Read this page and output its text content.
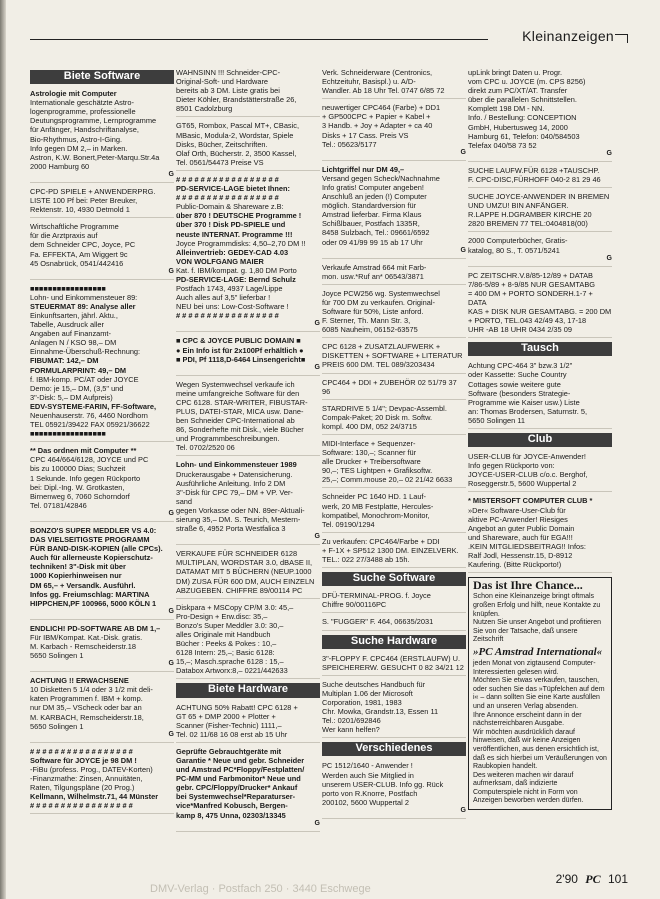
Kleinanzeigen
Biete Software

Astrologie mit Computer

Internationale geschätzte Astro-
logenprogramme, professionelle
Deutungsprogramme, Lernprogramme
für Anfänger, Handschriftanalyse,
Bio-Rhythmus, Astro-I-Ging.
Info gegen DM 2,– in Marken.
Astron, K.W. Bonert,Peter-Marqu.Str.4a
2000 Hamburg 60

G

CPC-PD SPIELE + ANWENDERPRG.
LISTE 100 Pf bei: Peter Breuker,
Rektenstr. 10, 4930 Detmold 1

Wirtschaftliche Programme
für die Arztpraxis auf
dem Schneider CPC, Joyce, PC
Fa. EFFEKTA, Am Wiggert 9c
45 Osnabrück, 0541/442416

G

■■■■■■■■■■■■■■■■■

Lohn- und Einkommensteuer 89:

STEUERMAT 89: Analyse aller

Einkunftsarten, jährl. Aktu.,
Tabelle, Ausdruck aller
Angaben auf Finanzamt-
Anlagen N / KSO 98,– DM
Einnahme-Überschuß-Rechnung:

FIBUMAT: 142,– DM
FORMULARPRINT: 49,– DM

f. IBM-komp. PC/AT oder JOYCE
Demo: je 15,– DM, (3,5" und
3"-Disk: 5,– DM Aufpreis)

EDV-SYSTEME-FARIN, FF-Software,

Neuenhauserstr. 76, 4460 Nordhorn
TEL 05921/39422 FAX 05921/36622

■■■■■■■■■■■■■■■■■

** Das ordnen mit Computer **

CPC 464/664/6128, JOYCE und PC
bis zu 100000 Dias; Suchzeit
1 Sekunde. Info gegen Rückporto
bei: Dipl.-Ing. W. Grotkasten,
Birnenweg 6, 7060 Schorndorf
Tel. 07181/42846

G

BONZO'S SUPER MEDDLER VS 4.0:
DAS VIELSEITIGSTE PROGRAMM
FÜR BAND-DISK-KOPIEN (alle CPCs).
Auch für allerneuste Kopierschutz-
techniken! 3"-Disk mit über
1000 Kopierhinweisen nur
DM 65,– + Versandk. Ausführl.
Infos gg. Freiumschlag: MARTINA
HIPPCHEN,PF 100966, 5000 KÖLN 1

G

ENDLICH! PD-SOFTWARE AB DM 1,–

Für IBM/Kompat. Kat.-Disk. gratis.
M. Karbach - Remscheiderstr.18
5650 Solingen 1

G

ACHTUNG !! ERWACHSENE

10 Disketten 5 1/4 oder 3 1/2 mit deli-
katen Programmen f. IBM + komp.
nur DM 35,– VScheck oder bar an
M. KARBACH, Remscheiderstr.18,
5650 Solingen 1

G

# # # # # # # # # # # # # # # # #

Software für JOYCE je 98 DM !

-FiBu (profess. Prog., DATEV-Korten)
-Finanzmathe: Zinsen, Annuitäten,
Raten, Tilgungspläne (20 Prog.)

Kellmann, Wilhelmstr.71, 44 Münster

# # # # # # # # # # # # # # # # #

WAHNSINN !!! Schneider-CPC-
Original-Soft- und Hardware
bereits ab 3 DM. Liste gratis bei
Dieter Köhler, Brandstätterstraße 26,
8501 Cadolzburg

GT65, Rombox, Pascal MT+, CBasic,
MBasic, Modula-2, Wordstar, Spiele
Disks, Bücher, Zeitschriften.
Olaf Orth, Bücherstr. 2, 3500 Kassel,
Tel. 0561/54473 Preise VS

# # # # # # # # # # # # # # # # #

PD-SERVICE-LAGE bietet Ihnen:

# # # # # # # # # # # # # # # # #

Public-Domain & Shareware z.B:

über 870 ! DEUTSCHE Programme !
über 370 ! Disk PD-SPIELE und
neuste INTERNAT. Programme !!!

Joyce Programmdisks: 4,50–2,70 DM !!

Alleinvertrieb: GEDEY-CAD 4.03
VON WOLFGANG MAIER

Kat. f. IBM/kompat. g. 1,80 DM Porto

PD-SERVICE-LAGE: Bernd Schulz

Postfach 1743, 4937 Lage/Lippe
Auch alles auf 3,5" lieferbar !
NEU bei uns: Low-Cost-Software !

# # # # # # # # # # # # # # # # #

G

■ CPC & JOYCE PUBLIC DOMAIN ■
● Ein Info ist für 2x100Pf erhältlich ●
■ PDI, Pf 1118,D-6464 Linsengericht■

G

Wegen Systemwechsel verkaufe ich
meine umfangreiche Software für den
CPC 6128. STAR-WRITER, FIBUSTAR-
PLUS, DATEI-STAR, MICA usw. Dane-
ben Schneider CPC-International ab
86, Sonderhefte mit Disk., viele Bücher
und Programmbeschreibungen.
Tel. 0702/2520 06

Lohn- und Einkommensteuer 1989

Druckerausgabe + Datensicherung.
Ausführliche Anleitung. Info 2 DM
3"-Disk für CPC 79,– DM + VP. Ver-
sand
gegen Vorkasse oder NN. 89er-Aktuali-
sierung 35,– DM. S. Teurich, Mestern-
straße 6, 4952 Porta Westfalica 3

G

VERKAUFE FÜR SCHNEIDER 6128
MULTIPLAN, WORDSTAR 3.0, dBASE II,
DATAMAT MIT 5 BÜCHERN (NEUP.1000
DM) ZUSA FÜR 600 DM, AUCH EINZELN
ABZUGEBEN. CHIFFRE 89/00114 PC

Diskpara + MSCopy CP/M 3.0: 45,–
Pro-Design + Erw.disc: 35,–
Bonzo's Super Meddler 3.0: 30,–
alles Originale mit Handbuch
Bücher : Peeks & Pokes : 10,–
6128 Intern: 25,–; Basic 6128:
15,–; Masch.sprache 6128 : 15,–
Databox Artworx:8,– 0221/442633

Biete Hardware

ACHTUNG 50% Rabatt! CPC 6128 +
GT 65 + DMP 2000 + Plotter +
Scanner (Fisher-Technic) 1111,–
Tel. 02 11/68 16 08 erst ab 15 Uhr

Geprüfte Gebrauchtgeräte mit
Garantie * Neue und gebr. Schneider
und Amstrad PC*Floppy/Festplatten/
PC-MM und Farbmonitor* Neue und
gebr. CPC/Floppy/Drucker* Ankauf
bei Systemwechsel*Reparaturser-
vice*Manfred Kobusch, Bergen-
kamp 8, 475 Unna, 02303/13345

G

Verk. Schneiderware (Centronics,
Echtzeituhr, Basispl.) u. A/D-
Wandler. Ab 18 Uhr Tel. 0747 6/85 72

neuwertiger CPC464 (Farbe) + DD1
+ GP500CPC + Papier + Kabel +
3 Handb. + Joy + Adapter + ca 40
Disks + 17 Cass. Preis VS
Tel.: 05623/5177

G

Lichtgriffel nur DM 49,–

Versand gegen Scheck/Nachnahme
Info gratis! Computer angeben!
Anschluß an jeden (!) Computer
möglich. Standardversion für
Amstrad lieferbar. Firma Klaus
Schißlbauer, Postfach 1335R,
8458 Sulzbach, Tel.: 09661/6592
oder 09 41/99 99 15 ab 17 Uhr

G

Verkaufe Amstrad 664 mit Farb-
mon. usw.*Ruf an* 06543/3871

Joyce PCW256 wg. Systemwechsel
für 700 DM zu verkaufen. Original-
Software für 50%, Liste anford.
F. Sterner, Th. Mann Str. 3,
6085 Nauheim, 06152-63575

CPC 6128 + ZUSATZLAUFWERK +
DISKETTEN + SOFTWARE + LITERATUR
PREIS 600 DM. TEL 089/3203434

CPC464 + DDI + ZUBEHÖR 02 51/79 37 96

STARDRIVE 5 1/4"; Devpac-Assembl.
Compak-Paket; 20 Disk m. Softw.
kompl. 400 DM, 052 24/3715

MIDI-Interface + Sequenzer-
Software: 130,–; Scanner für
alle Drucker + Treibersoftware
90,–; TES Lightpen + Grafiksoftw.
25,–; Comm.mouse 20,– 02 21/42 6633

Schneider PC 1640 HD. 1 Lauf-
werk, 20 MB Festplatte, Hercules-
kompatibel, Monochrom-Monitor,
Tel. 09190/1294

Zu verkaufen: CPC464/Farbe + DDI
+ F-1X + SP512 1300 DM. EINZELVERK.
TEL.: 022 27/3488 ab 15h.

Suche Software

DFÜ-TERMINAL-PROG. f. Joyce
Chiffre 90/00116PC

S. "FUGGER" F. 464, 06635/2031

Suche Hardware

3"-FLOPPY F. CPC464 (ERSTLAUFW) U.
SPEICHERERW. GESUCHT 0 82 34/21 12

Suche deutsches Handbuch für
Multiplan 1.06 der Microsoft
Corporation, 1981, 1983
Chr. Mowka, Grandstr.13, Essen 11
Tel.: 0201/692846
Wer kann helfen?

Verschiedenes

PC 1512/1640 - Anwender !
Werden auch Sie Mitglied in
unserem USER-CLUB. Info gg. Rück
porto von R.Knorre, Postfach
200102, 5600 Wuppertal 2

G

upLink bringt Daten u. Progr.
vom CPC u. JOYCE (m. CPS 8256)
direkt zum PC/XT/AT. Transfer
über die parallelen Schnittstellen.
Komplett 198 DM - NN.
Info. / Bestellung: CONCEPTION
GmbH, Hubertusweg 14, 2000
Hamburg 61, Telefon: 040/584503
Telefax 040/58 73 52

G

SUCHE LAUFW.FÜR 6128 +TAUSCHP.
F. CPC-DISC,FÜRHOFF 040-2 81 29 46

SUCHE JOYCE-ANWENDER IN BREMEN
UND UMZU! BIN ANFÄNGER.
R.LAPPE H.DGRAMBER KIRCHE 20
2820 BREMEN 77 TEL:0404818(00)

2000 Computerbücher, Gratis-
katalog, 80 S., T. 0571/5241

G

PC ZEITSCHR.V.8/85-12/89 + DATAB
7/86-5/89 + 8-9/85 NUR GESAMTABG
= 400 DM + PORTO SONDERH.1-7 + DATA
KAS + DISK NUR GESAMTABG. = 200 DM
+ PORTO, TEL.043 42/49 43, 17-18
UHR -AB 18 UHR 0434 2/35 09

Tausch

Achtung CPC-464 3" bzw.3 1/2"
oder Kassette: Suche Country
Cottages sowie weitere gute
Software (besonders Strategie-
Programme wie Kaiser usw.) Liste
an: Thomas Brodersen, Saturnstr. 5,
5650 Solingen 11

Club

USER-CLUB für JOYCE-Anwender!
Info gegen Rückporto von:
JOYCE-USER-CLUB c/o.c. Berghof,
Roseggerstr.5, 5600 Wuppertal 2

* MISTERSOFT COMPUTER CLUB *

»Der« Software-User-Club für
aktive PC-Anwender! Riesiges
Angebot an guter Public Domain
und Shareware, auch für EGA!!!
.KEIN MITGLIEDSBEITRAG!! Infos:
Ralf Jodl, Hessenstr.15, D-8912
Kaufering. (Bitte Rückporto!)

Das ist Ihre Chance...

Schon eine Kleinanzeige bringt oftmals großen Erfolg und hilft, neue Kontakte zu knüpfen.

Nutzen Sie unser Angebot und profitieren Sie von der Tatsache, daß unsere Zeitschrift

»PC Amstrad International«

jeden Monat von zigtausend Computer-Interessierten gelesen wird.

Möchten Sie etwas verkaufen, tauschen, oder suchen Sie das »Tüpfelchen auf dem i« – dann sollten Sie eine Karte ausfüllen und an unseren Verlag absenden.

Ihre Annonce erscheint dann in der nächsterreichbaren Ausgabe.

Wir möchten ausdrücklich darauf hinweisen, daß wir keine Anzeigen veröffentlichen, aus denen ersichtlich ist, daß es sich hierbei um Veräußerungen von Raubkopien handelt.

Des weiteren machen wir darauf aufmerksam, daß indizierte Computerspiele nicht in Form von Anzeigen beworben werden dürfen.

DMV-Verlag · Postfach 250 · 3440 Eschwege
2'90 PC 101
